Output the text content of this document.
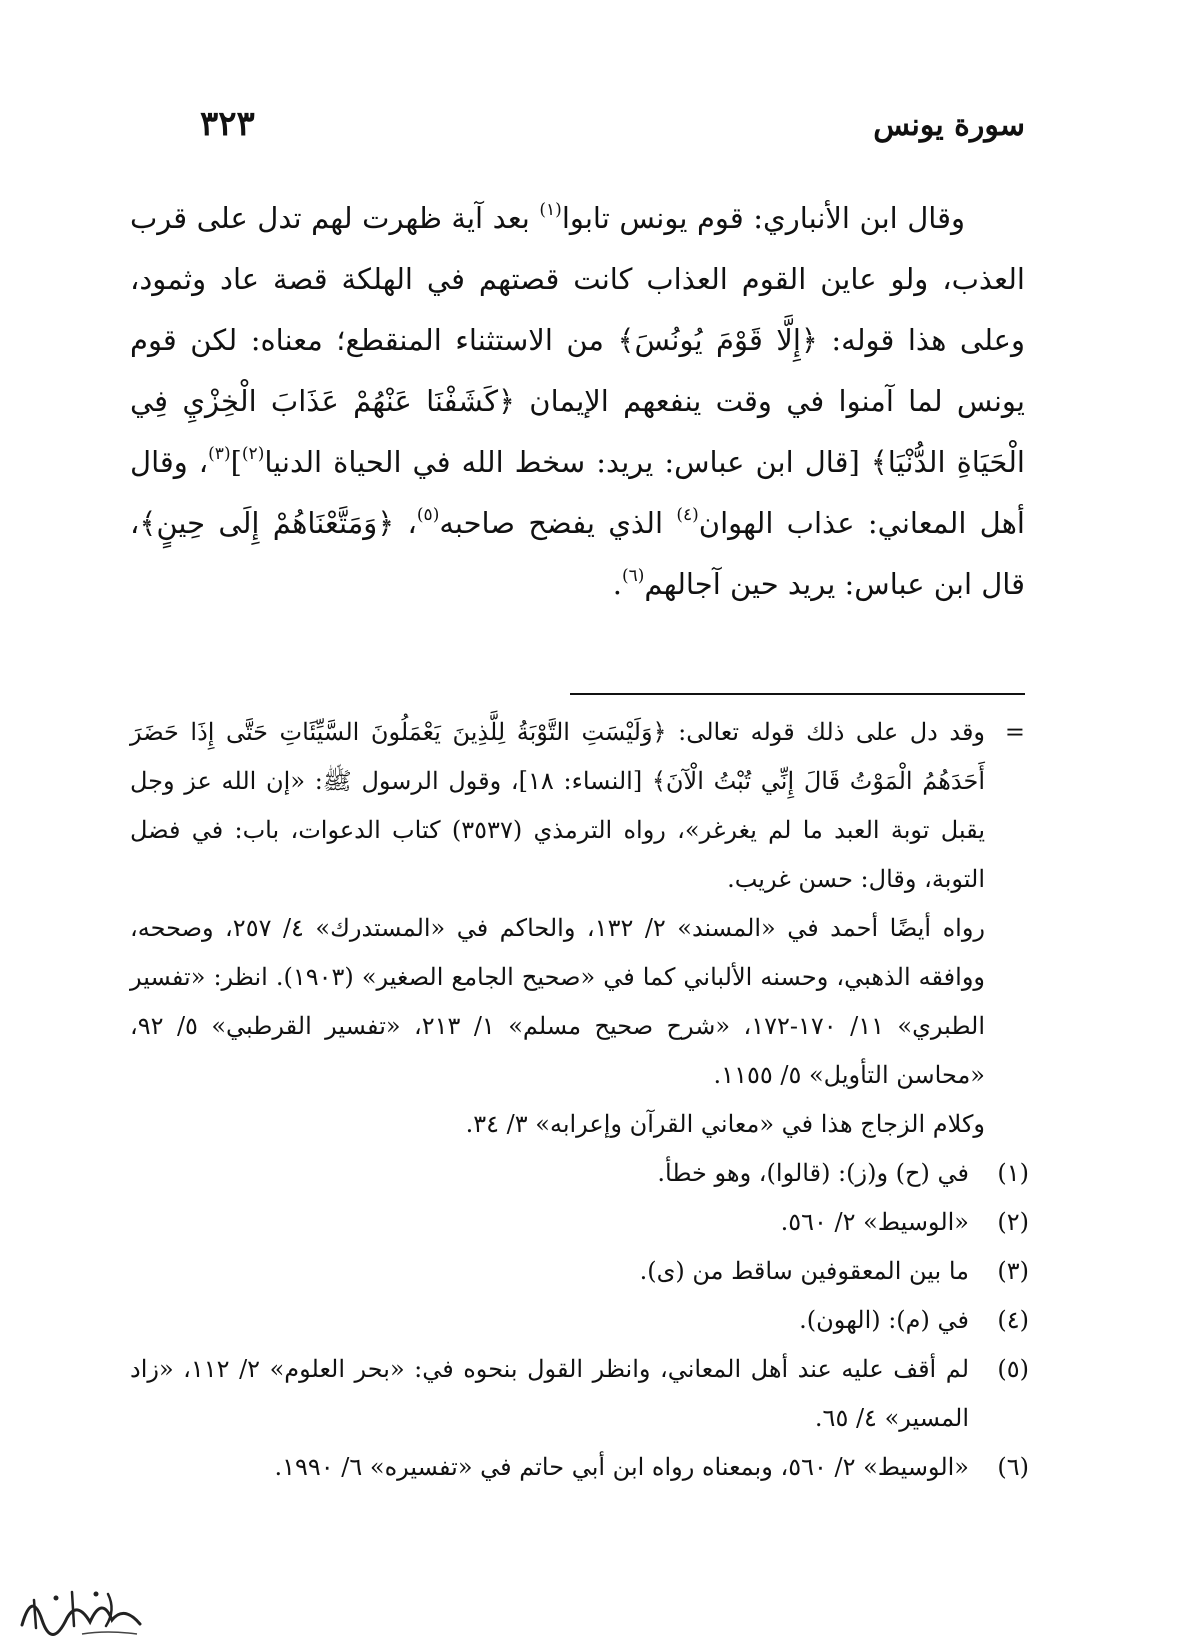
سورة يونس
٣٢٣

وقال ابن الأنباري: قوم يونس تابوا$^{(١)}$ بعد آية ظهرت لهم تدل على قرب العذب، ولو عاين القوم العذاب كانت قصتهم في الهلكة قصة عاد وثمود، وعلى هذا قوله: ﴿إِلَّا قَوْمَ يُونُسَ﴾ من الاستثناء المنقطع؛ معناه: لكن قوم يونس لما آمنوا في وقت ينفعهم الإيمان ﴿كَشَفْنَا عَنْهُمْ عَذَابَ الْخِزْيِ فِي الْحَيَاةِ الدُّنْيَا﴾ [قال ابن عباس: يريد: سخط الله في الحياة الدنيا$^{(٢)}$]$^{(٣)}$، وقال أهل المعاني: عذاب الهوان$^{(٤)}$ الذي يفضح صاحبه$^{(٥)}$، ﴿وَمَتَّعْنَاهُمْ إِلَى حِينٍ﴾، قال ابن عباس: يريد حين آجالهم$^{(٦)}$.

=

وقد دل على ذلك قوله تعالى: ﴿وَلَيْسَتِ التَّوْبَةُ لِلَّذِينَ يَعْمَلُونَ السَّيِّئَاتِ حَتَّى إِذَا حَضَرَ أَحَدَهُمُ الْمَوْتُ قَالَ إِنِّي تُبْتُ الْآنَ﴾ [النساء: ١٨]، وقول الرسول ﷺ: «إن الله عز وجل يقبل توبة العبد ما لم يغرغر»، رواه الترمذي (٣٥٣٧) كتاب الدعوات، باب: في فضل التوبة، وقال: حسن غريب.

رواه أيضًا أحمد في «المسند» ٢/ ١٣٢، والحاكم في «المستدرك» ٤/ ٢٥٧، وصححه، ووافقه الذهبي، وحسنه الألباني كما في «صحيح الجامع الصغير» (١٩٠٣). انظر: «تفسير الطبري» ١١/ ١٧٠-١٧٢، «شرح صحيح مسلم» ١/ ٢١٣، «تفسير القرطبي» ٥/ ٩٢، «محاسن التأويل» ٥/ ١١٥٥.

وكلام الزجاج هذا في «معاني القرآن وإعرابه» ٣/ ٣٤.

(١)

في (ح) و(ز): (قالوا)، وهو خطأ.

(٢)

«الوسيط» ٢/ ٥٦٠.

(٣)

ما بين المعقوفين ساقط من (ى).

(٤)

في (م): (الهون).

(٥)

لم أقف عليه عند أهل المعاني، وانظر القول بنحوه في: «بحر العلوم» ٢/ ١١٢، «زاد المسير» ٤/ ٦٥.

(٦)

«الوسيط» ٢/ ٥٦٠، وبمعناه رواه ابن أبي حاتم في «تفسيره» ٦/ ١٩٩٠.
